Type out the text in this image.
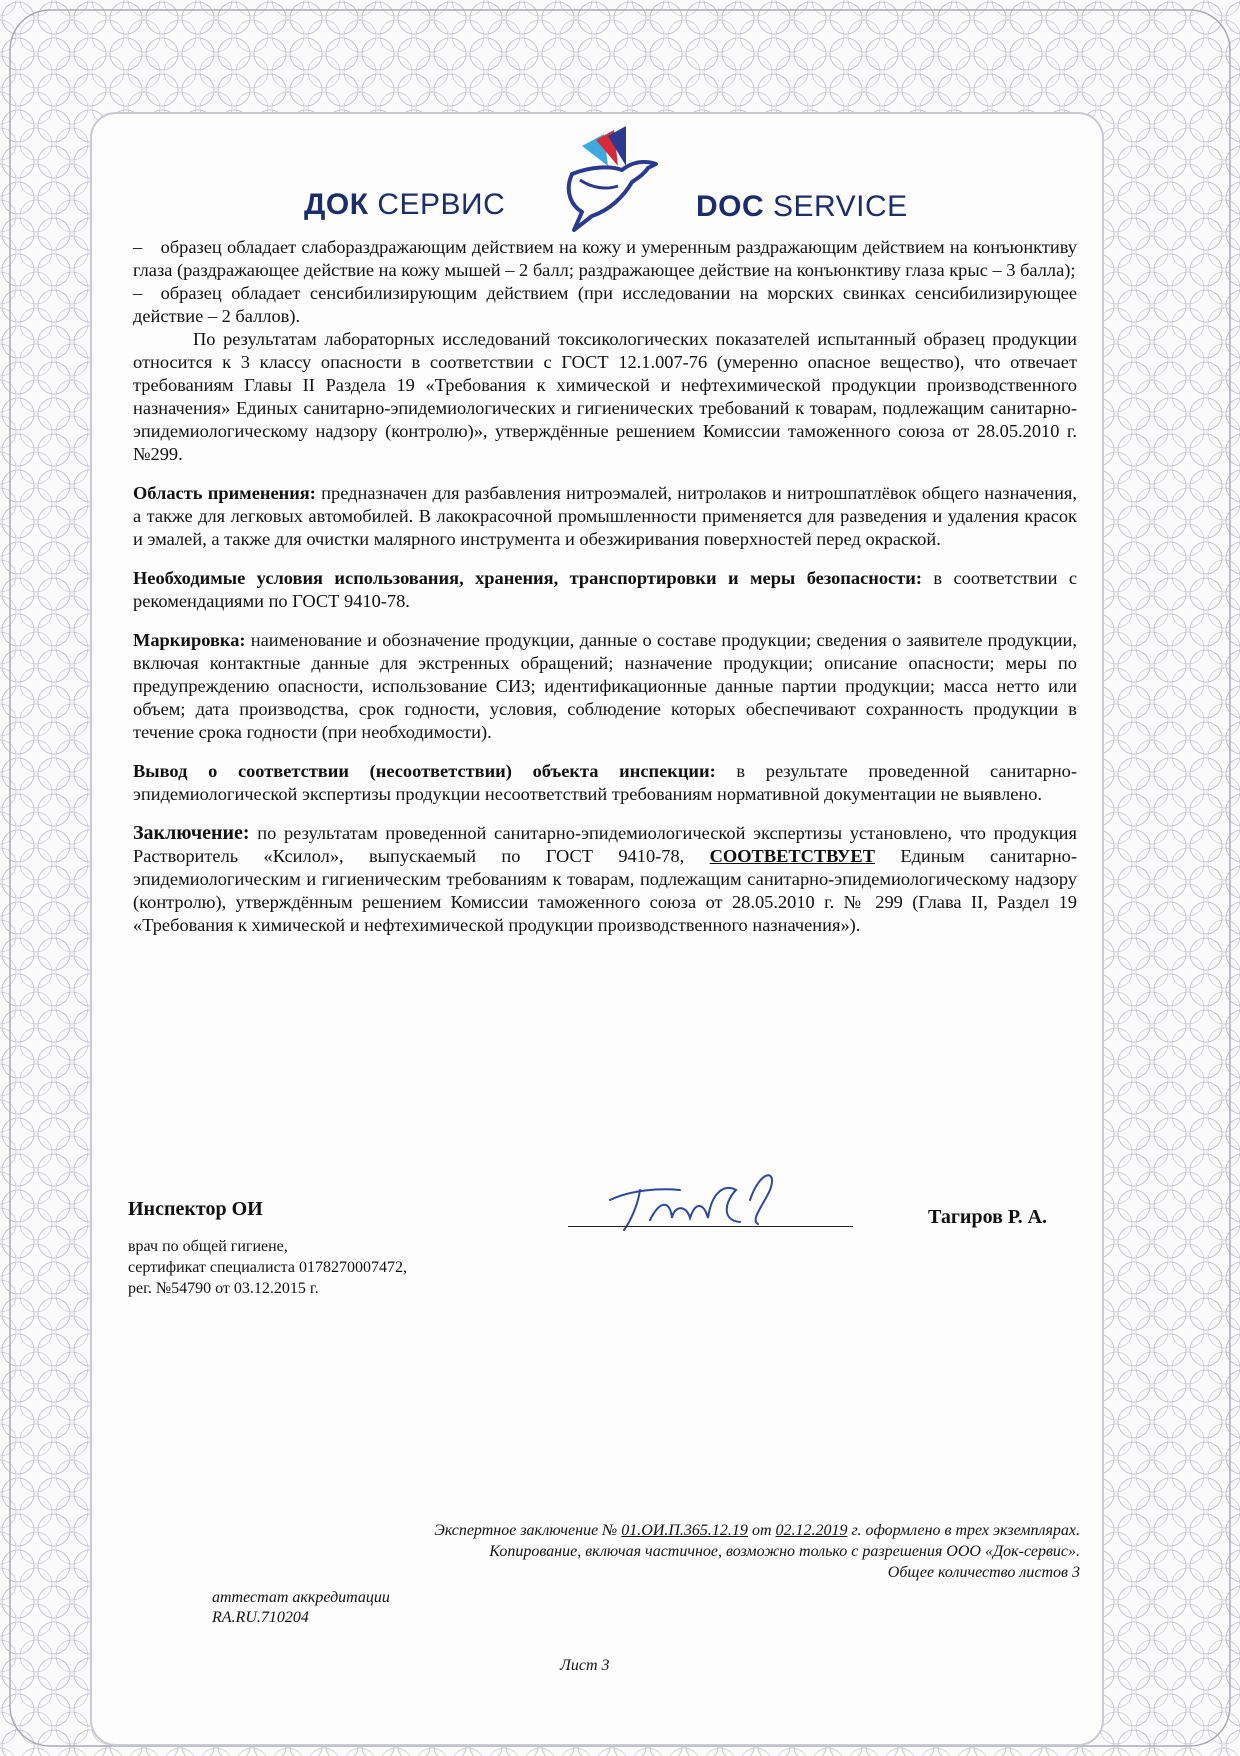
ДОК СЕРВИС	DOC SERVICE

– образец обладает слабораздражающим действием на кожу и умеренным раздражающим действием на конъюнктиву глаза (раздражающее действие на кожу мышей – 2 балл; раздражающее действие на конъюнктиву глаза крыс – 3 балла);

– образец обладает сенсибилизирующим действием (при исследовании на морских свинках сенсибилизирующее действие – 2 баллов).

По результатам лабораторных исследований токсикологических показателей испытанный образец продукции относится к 3 классу опасности в соответствии с ГОСТ 12.1.007-76 (умеренно опасное вещество), что отвечает требованиям Главы II Раздела 19 «Требования к химической и нефтехимической продукции производственного назначения» Единых санитарно-эпидемиологических и гигиенических требований к товарам, подлежащим санитарно-эпидемиологическому надзору (контролю)», утверждённые решением Комиссии таможенного союза от 28.05.2010 г. №299.

Область применения: предназначен для разбавления нитроэмалей, нитролаков и нитрошпатлёвок общего назначения, а также для легковых автомобилей. В лакокрасочной промышленности применяется для разведения и удаления красок и эмалей, а также для очистки малярного инструмента и обезжиривания поверхностей перед окраской.

Необходимые условия использования, хранения, транспортировки и меры безопасности: в соответствии с рекомендациями по ГОСТ 9410-78.

Маркировка: наименование и обозначение продукции, данные о составе продукции; сведения о заявителе продукции, включая контактные данные для экстренных обращений; назначение продукции; описание опасности; меры по предупреждению опасности, использование СИЗ; идентификационные данные партии продукции; масса нетто или объем; дата производства, срок годности, условия, соблюдение которых обеспечивают сохранность продукции в течение срока годности (при необходимости).

Вывод о соответствии (несоответствии) объекта инспекции: в результате проведенной санитарно-эпидемиологической экспертизы продукции несоответствий требованиям нормативной документации не выявлено.

Заключение: по результатам проведенной санитарно-эпидемиологической экспертизы установлено, что продукция Растворитель «Ксилол», выпускаемый по ГОСТ 9410-78, СООТВЕТСТВУЕТ Единым санитарно-эпидемиологическим и гигиеническим требованиям к товарам, подлежащим санитарно-эпидемиологическому надзору (контролю), утверждённым решением Комиссии таможенного союза от 28.05.2010 г. № 299 (Глава II, Раздел 19 «Требования к химической и нефтехимической продукции производственного назначения»).

Инспектор ОИ
врач по общей гигиене,
сертификат специалиста 0178270007472,
рег. №54790 от 03.12.2015 г.
Тагиров Р. А.
Экспертное заключение № 01.ОИ.П.365.12.19 от 02.12.2019 г. оформлено в трех экземплярах.
Копирование, включая частичное, возможно только с разрешения ООО «Док-сервис».
Общее количество листов 3
аттестат аккредитации
RA.RU.710204
Лист 3
